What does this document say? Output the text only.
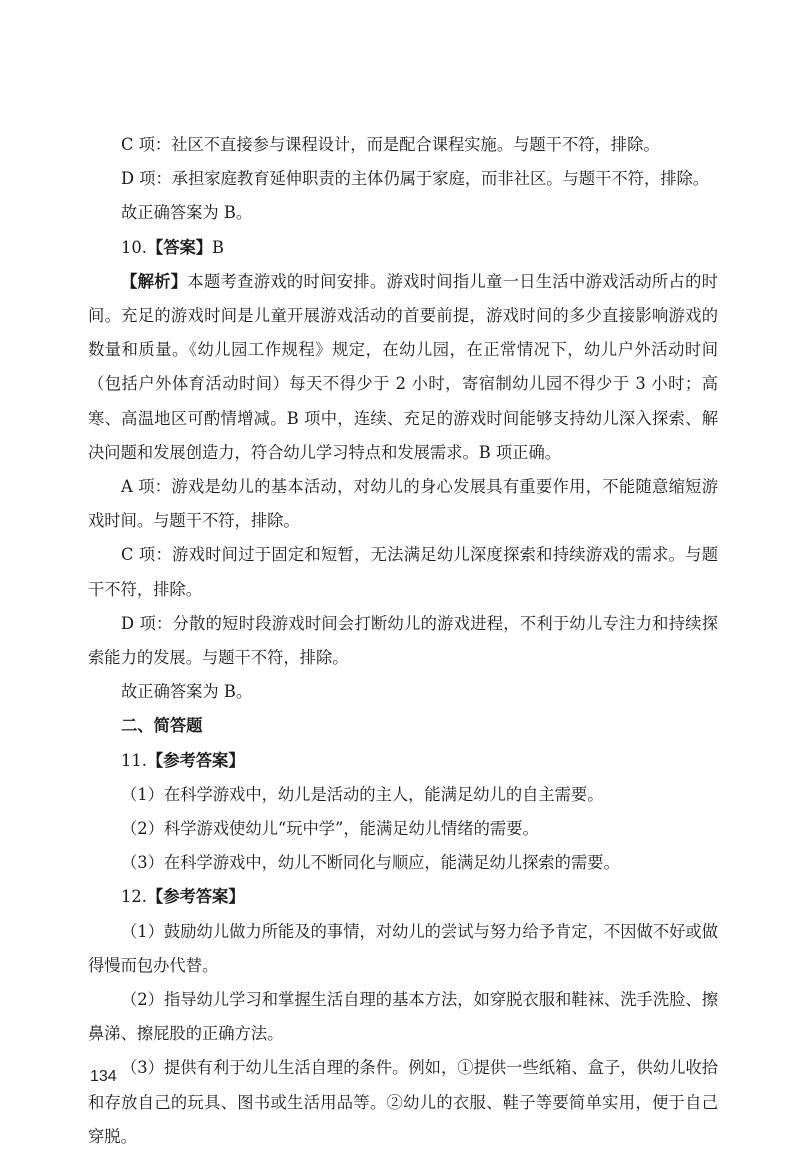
C 项：社区不直接参与课程设计，而是配合课程实施。与题干不符，排除。

D 项：承担家庭教育延伸职责的主体仍属于家庭，而非社区。与题干不符，排除。

故正确答案为 B。

10.【答案】B

【解析】本题考查游戏的时间安排。游戏时间指儿童一日生活中游戏活动所占的时间。充足的游戏时间是儿童开展游戏活动的首要前提，游戏时间的多少直接影响游戏的数量和质量。《幼儿园工作规程》规定，在幼儿园，在正常情况下，幼儿户外活动时间（包括户外体育活动时间）每天不得少于 2 小时，寄宿制幼儿园不得少于 3 小时；高寒、高温地区可酌情增减。B 项中，连续、充足的游戏时间能够支持幼儿深入探索、解决问题和发展创造力，符合幼儿学习特点和发展需求。B 项正确。

A 项：游戏是幼儿的基本活动，对幼儿的身心发展具有重要作用，不能随意缩短游戏时间。与题干不符，排除。

C 项：游戏时间过于固定和短暂，无法满足幼儿深度探索和持续游戏的需求。与题干不符，排除。

D 项：分散的短时段游戏时间会打断幼儿的游戏进程，不利于幼儿专注力和持续探索能力的发展。与题干不符，排除。

故正确答案为 B。

二、简答题

11.【参考答案】

（1）在科学游戏中，幼儿是活动的主人，能满足幼儿的自主需要。

（2）科学游戏使幼儿“玩中学”，能满足幼儿情绪的需要。

（3）在科学游戏中，幼儿不断同化与顺应，能满足幼儿探索的需要。

12.【参考答案】

（1）鼓励幼儿做力所能及的事情，对幼儿的尝试与努力给予肯定，不因做不好或做得慢而包办代替。

（2）指导幼儿学习和掌握生活自理的基本方法，如穿脱衣服和鞋袜、洗手洗脸、擦鼻涕、擦屁股的正确方法。

（3）提供有利于幼儿生活自理的条件。例如，①提供一些纸箱、盒子，供幼儿收拾和存放自己的玩具、图书或生活用品等。②幼儿的衣服、鞋子等要简单实用，便于自己穿脱。

134
